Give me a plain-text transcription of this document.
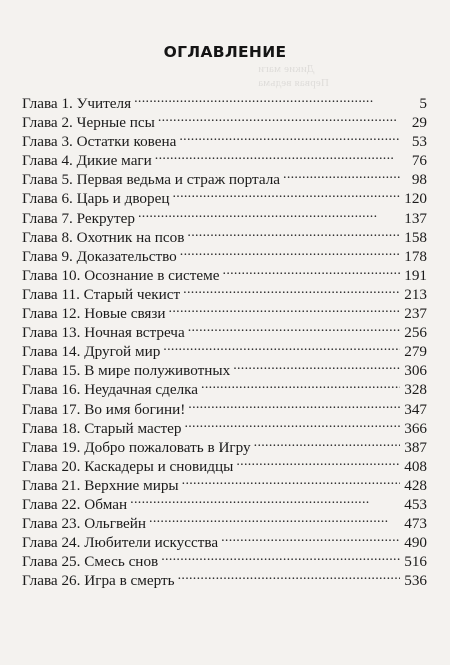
Дикие маги
Первая ведьма
ОГЛАВЛЕНИЕ
Глава 1. Учителя . . .	5
Глава 2. Черные псы . . .	29
Глава 3. Остатки ковена . . .	53
Глава 4. Дикие маги . . .	76
Глава 5. Первая ведьма и страж портала . . .	98
Глава 6. Царь и дворец . . .	120
Глава 7. Рекрутер . . .	137
Глава 8. Охотник на псов . . .	158
Глава 9. Доказательство . . .	178
Глава 10. Осознание в системе . . .	191
Глава 11. Старый чекист . . .	213
Глава 12. Новые связи . . .	237
Глава 13. Ночная встреча . . .	256
Глава 14. Другой мир . . .	279
Глава 15. В мире полуживотных . . .	306
Глава 16. Неудачная сделка . . .	328
Глава 17. Во имя богини! . . .	347
Глава 18. Старый мастер . . .	366
Глава 19. Добро пожаловать в Игру . . .	387
Глава 20. Каскадеры и сновидцы . . .	408
Глава 21. Верхние миры . . .	428
Глава 22. Обман . . .	453
Глава 23. Ольгвейн . . .	473
Глава 24. Любители искусства . . .	490
Глава 25. Смесь снов . . .	516
Глава 26. Игра в смерть . . .	536
